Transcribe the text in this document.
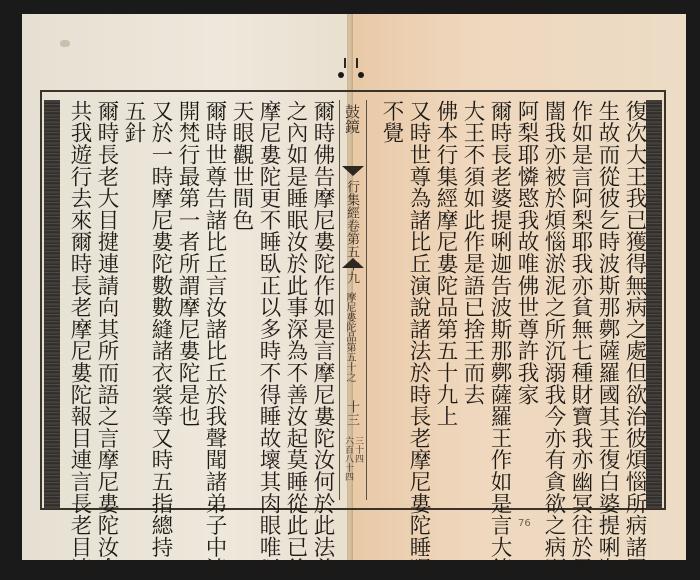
鼓鏡
行集經卷第五十九
摩尼婁陀品第五十之
十三
三十四
六百八十四	復次大王我已獲得無病之處但欲治彼煩惱所病諸眾
生故而從彼乞時波斯那鄸薩羅國其王復白婆提唎迦
作如是言阿梨耶我亦貧無七種財寶我亦幽冥往於黑
闇我亦被於煩惱淤泥之所沉溺我今亦有貪欲之病願
阿梨耶憐愍我故唯佛世尊許我家
爾時長老婆提唎迦告波斯那鄸薩羅王作如是言大德
大王不須如此作是語已捨王而去
佛本行集經摩尼婁陀品第五十九上
又時世尊為諸比丘演說諸法於時長老摩尼婁陀睡眠
不覺
爾時佛告摩尼婁陀作如是言摩尼婁陀汝何於此法義
之內如是睡眠汝於此事深為不善汝起莫睡從此已後
摩尼婁陀更不睡臥正以多時不得睡故壞其肉眼唯以
天眼觀世間色
爾時世尊告諸比丘言汝諸比丘於我聲聞諸弟子中清
開梵行最第一者所謂摩尼婁陀是也
又於一時摩尼婁陀數數縫諸衣裳等又時五指總持
五針
爾時長老大目揵連請向其所而語之言摩尼婁陀汝今
共我遊行去來爾時長老摩尼婁陀報目連言長老目連	76
